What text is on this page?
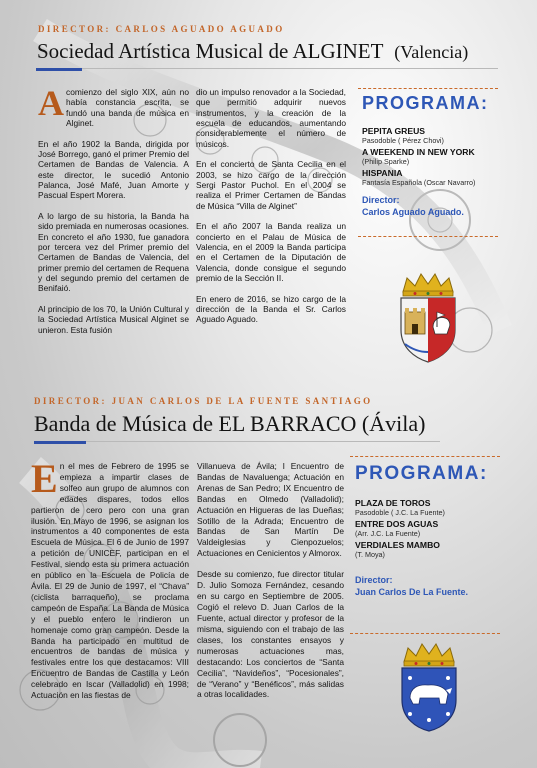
DIRECTOR: CARLOS AGUADO AGUADO
Sociedad Artística Musical de ALGINET (Valencia)

Acomienzo del siglo XIX, aún no había constancia escrita, se fundó una banda de música en Alginet.

En el año 1902 la Banda, dirigida por José Borrego, ganó el primer Premio del Certamen de Bandas de Valencia. A este director, le sucedió Antonio Palanca, José Mafé, Juan Amorte y Pascual Espert Morera.

A lo largo de su historia, la Banda ha sido premiada en numerosas ocasiones. En concreto el año 1930, fue ganadora por tercera vez del Primer premio del Certamen de Bandas de Valencia, del primer premio del certamen de Requena y del segundo premio del certamen de Benifaió.

Al principio de los 70, la Unión Cultural y la Sociedad Artística Musical Alginet se unieron. Esta fusión

dio un impulso renovador a la Sociedad, que permitió adquirir nuevos instrumentos, y la creación de la escuela de educandos, aumentando considerablemente el número de músicos.

En el concierto de Santa Cecilia en el 2003, se hizo cargo de la dirección Sergi Pastor Puchol. En el 2004 se realiza el Primer Certamen de Bandas de Música “Villa de Alginet”

En el año 2007 la Banda realiza un concierto en el Palau de Música de Valencia, en el 2009 la Banda participa en el Certamen de la Diputación de Valencia, donde consigue el segundo premio de la Sección II.

En enero de 2016, se hizo cargo de la dirección de la Banda el Sr. Carlos Aguado Aguado.

PROGRAMA:
PEPITA GREUS
Pasodoble ( Pérez Chovi)
A WEEKEND IN NEW YORK
(Philip Sparke)
HISPANIA
Fantasía Española (Oscar Navarro)
Director:
Carlos Aguado Aguado.
DIRECTOR: JUAN CARLOS DE LA FUENTE SANTIAGO
Banda de Música de EL BARRACO (Ávila)

En el mes de Febrero de 1995 se empieza a impartir clases de solfeo aun grupo de alumnos con edades dispares, todos ellos partieron de cero pero con una gran ilusión. En Mayo de 1996, se asignan los instrumentos a 40 componentes de esta Escuela de Música. El 6 de Junio de 1997 a petición de UNICEF, participan en el Festival, siendo esta su primera actuación en público en la Escuela de Policía de Ávila. El 29 de Junio de 1997, el “Chava” (ciclista barraqueño), se proclama campeón de España. La Banda de Música y el pueblo entero le rindieron un homenaje como gran campeón. Desde la Banda ha participado en multitud de encuentros de bandas de música y festivales entre los que destacamos: VIII Encuentro de Bandas de Castilla y León celebrado en Iscar (Valladolid) en 1998; Actuación en las fiestas de

Villanueva de Ávila; I Encuentro de Bandas de Navaluenga; Actuación en Arenas de San Pedro; IX Encuentro de Bandas en Olmedo (Valladolid); Actuación en Higueras de las Dueñas; Sotillo de la Adrada; Encuentro de Bandas de San Martín De Valdeiglesias y Cienpozuelos; Actuaciones en Cenicientos y Almorox.

Desde su comienzo, fue director titular D. Julio Somoza Fernández, cesando en su cargo en Septiembre de 2005. Cogió el relevo D. Juan Carlos de la Fuente, actual director y profesor de la misma, siguiendo con el trabajo de las clases, los constantes ensayos y numerosas actuaciones mas, destacando: Los conciertos de “Santa Cecilia”, “Navideños”, “Pocesionales”, de “Verano” y “Benéficos”, más salidas a otras localidades.

PROGRAMA:
PLAZA DE TOROS
Pasodoble ( J.C. La Fuente)
ENTRE DOS AGUAS
(Arr. J.C. La Fuente)
VERDIALES MAMBO
(T. Moya)
Director:
Juan Carlos De La Fuente.
